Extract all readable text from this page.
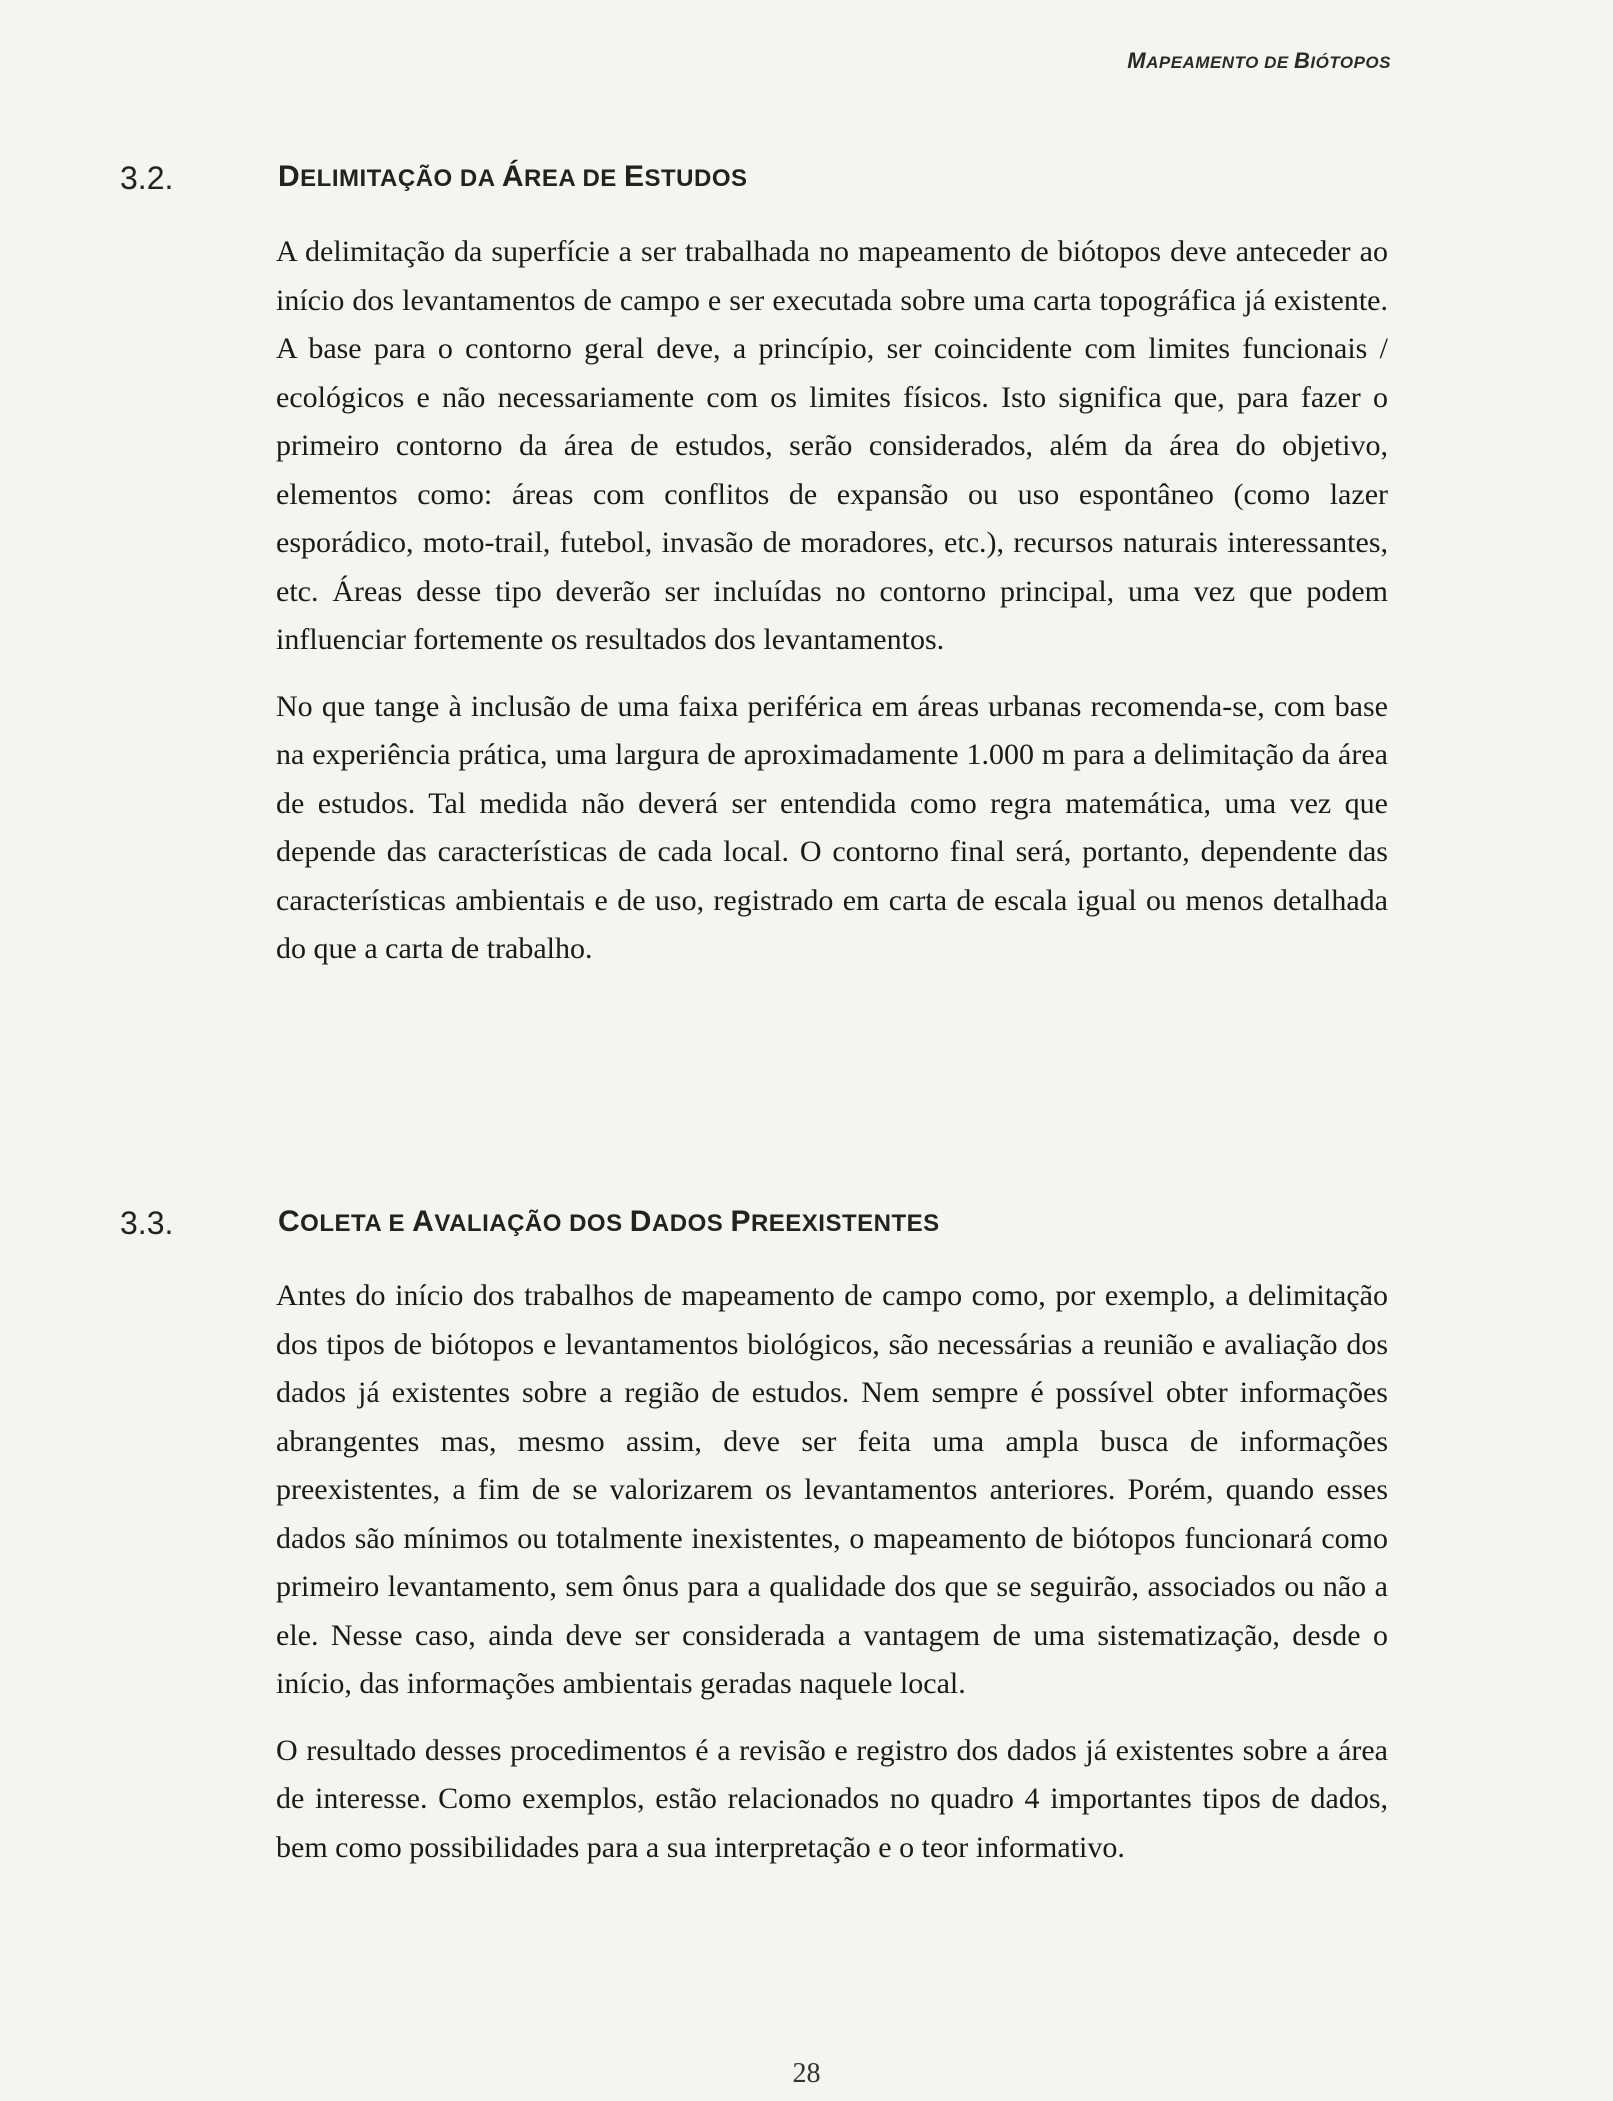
MAPEAMENTO DE BIÓTOPOS
3.2.	DELIMITAÇÃO DA ÁREA DE ESTUDOS

A delimitação da superfície a ser trabalhada no mapeamento de biótopos deve anteceder ao início dos levantamentos de campo e ser executada sobre uma carta topográfica já existente. A base para o contorno geral deve, a princípio, ser coincidente com limites funcionais / ecológicos e não necessariamente com os limites físicos. Isto significa que, para fazer o primeiro contorno da área de estudos, serão considerados, além da área do objetivo, elementos como: áreas com conflitos de expansão ou uso espontâneo (como lazer esporádico, moto-trail, futebol, invasão de moradores, etc.), recursos naturais interessantes, etc. Áreas desse tipo deverão ser incluídas no contorno principal, uma vez que podem influenciar fortemente os resultados dos levantamentos.

No que tange à inclusão de uma faixa periférica em áreas urbanas recomenda-se, com base na experiência prática, uma largura de aproximadamente 1.000 m para a delimitação da área de estudos. Tal medida não deverá ser entendida como regra matemática, uma vez que depende das características de cada local. O contorno final será, portanto, dependente das características ambientais e de uso, registrado em carta de escala igual ou menos detalhada do que a carta de trabalho.

3.3.	COLETA E AVALIAÇÃO DOS DADOS PREEXISTENTES

Antes do início dos trabalhos de mapeamento de campo como, por exemplo, a delimitação dos tipos de biótopos e levantamentos biológicos, são necessárias a reunião e avaliação dos dados já existentes sobre a região de estudos. Nem sempre é possível obter informações abrangentes mas, mesmo assim, deve ser feita uma ampla busca de informações preexistentes, a fim de se valorizarem os levantamentos anteriores. Porém, quando esses dados são mínimos ou totalmente inexistentes, o mapeamento de biótopos funcionará como primeiro levantamento, sem ônus para a qualidade dos que se seguirão, associados ou não a ele. Nesse caso, ainda deve ser considerada a vantagem de uma sistematização, desde o início, das informações ambientais geradas naquele local.

O resultado desses procedimentos é a revisão e registro dos dados já existentes sobre a área de interesse. Como exemplos, estão relacionados no quadro 4 importantes tipos de dados, bem como possibilidades para a sua interpretação e o teor informativo.

28
